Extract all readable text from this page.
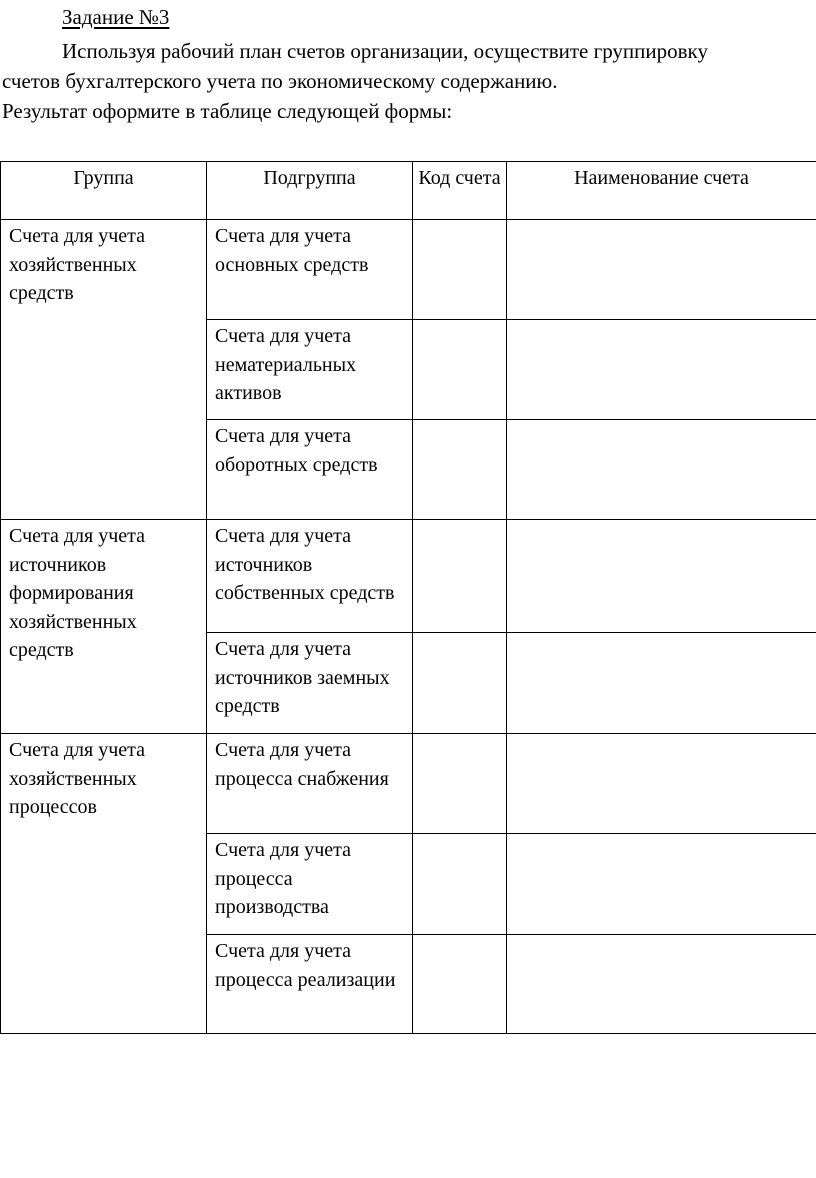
Задание №3
Используя рабочий план счетов организации, осуществите группировку
счетов бухгалтерского учета по экономическому содержанию.
Результат оформите в таблице следующей формы:
Группа	Подгруппа	Код счета	Наименование счета

Счета для учета хозяйственных средств	Счета для учета основных средств		

	Счета для учета нематериальных активов		

	Счета для учета оборотных средств		

Счета для учета источников формирования хозяйственных средств	Счета для учета источников собственных средств		

	Счета для учета источников заемных средств		

Счета для учета хозяйственных процессов	Счета для учета процесса снабжения		

	Счета для учета процесса производства		

	Счета для учета процесса реализации		
